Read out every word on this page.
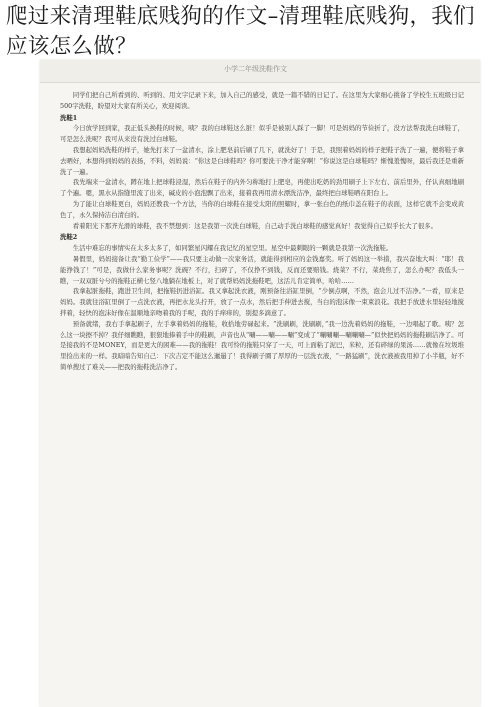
爬过来清理鞋底贱狗的作文–清理鞋底贱狗，我们应该怎么做？
小学二年级洗鞋作文

同学们把自己所看到的、听到的、用文字记录下来，加入自己的感受，就是一篇不错的日记了。在这里为大家细心挑备了学校生五班级日记500字洗鞋，盼望对大家有所关心，欢迎阅读。

洗鞋1

今日放学回到家，我正低头换鞋的时候，咦？我的白球鞋这么脏！似乎是被别人踩了一脚！可是妈妈的节俭折了，没方法帮我洗白球鞋了，可是怎么洗呢？我可从来没有洗过白球鞋。

我想起妈妈洗鞋的样子，她先打来了一盆清水，涂上肥皂前后刷了几下，就洗好了！于是，我照着妈妈的样子把鞋子洗了一遍，便将鞋子拿去晒好，本想得到妈妈的表扬，不料，妈妈说：“你这是白球鞋吗？你可要洗干净才能穿啊！”你说这是白球鞋吗？惭愧羞愧呀，最后我还是重新洗了一遍。

我先端来一盆清水，蹲在地上把球鞋浸湿，然后在鞋子的内外匀称地打上肥皂，再使出吃奶的劲用刷子上下左右、前后里外，仔认真细地刷了个遍。嗯，黑水从指缝里流了出来，碱皮的小泡泡飘了出来，接着我再用清水漂洗洁净，最终把白球鞋晒在阳台上。

为了能让白球鞋更白，妈妈还教我一个方法，当你的白球鞋在接受太阳的照耀时，拿一张白色的纸巾盖在鞋子的表面，这样它就不会变成黄色了，永久保持洁白清白的。

看着阳光下那齐光滑的球鞋，我不禁想到：这是我第一次洗白球鞋，自己动手洗白球鞋的感觉真好！我觉得自己似乎长大了很多。

洗鞋2

生活中难忘的事情实在太多太多了，如同繁星闪耀在我记忆的星空里。星空中最刺眼的一颗就是我第一次洗拖鞋。

暑假里，妈妈接备让我“勤工俭学”——我只要主动做一次家务活，就能得到相应的金钱嘉奖。听了妈妈这一举措，我兴奋地大叫：“耶！我能挣钱了！”可是，我做什么家务事呢？洗碗？不行，扫碎了，不仅挣不到钱，反而还要赔钱。烧菜？不行，菜烧焦了，怎么办呢？我低头一瞧，一双双脏兮兮的拖鞋正横七竖八地躺在地板上，对了就帮妈妈洗拖鞋吧，这活儿肯定简单，哈哈……

我拿起脏拖鞋，跑进卫生间，把拖鞋扔进浴缸。我又拿起洗衣液，刚预备往浴缸里倒，“少倒点啊，不然，泡会儿过不洁净。”一看，原来是妈妈。我就往浴缸里倒了一点洗衣液，再把水龙头拧开，放了一点水，然后把手伸进去搅，当白的泡沫像一束束浪花。我把手放进水里轻轻地搅拌着，轻快的泡沫好像在温顺地亲吻着我的手呢，我的手痒痒的，别提多滴意了。

预备就绪，我右手拿起刷子，左手拿着妈妈的拖鞋，收拾地劳碌起来。“洗刷刷，洗刷刷，”我一边洗着妈妈的拖鞋，一边唱起了歌。咦？怎么这一块擦不掉？我仔细瞧瞧，狠狠地捧着手中的鞋刷，声音也从“唰——唰——唰”变成了“唰唰唰—唰唰唰—”似快把妈妈的拖鞋刷洁净了。可是接我的不是MONEY，而是更大的困难——我的拖鞋！我可怜的拖鞋只穿了一天，可上面粘了泥巴，米粒，还有碎绿的果汤……就像在垃圾堆里捡出来的一样。我暗暗告知自己：下次吉定不能这么邋遢了！我得刷子圈了厚厚的一层洗衣液，“一路猛刷”，洗衣液被我用掉了小半瓶，好不简单搜过了难关——把我的拖鞋洗洁净了。
